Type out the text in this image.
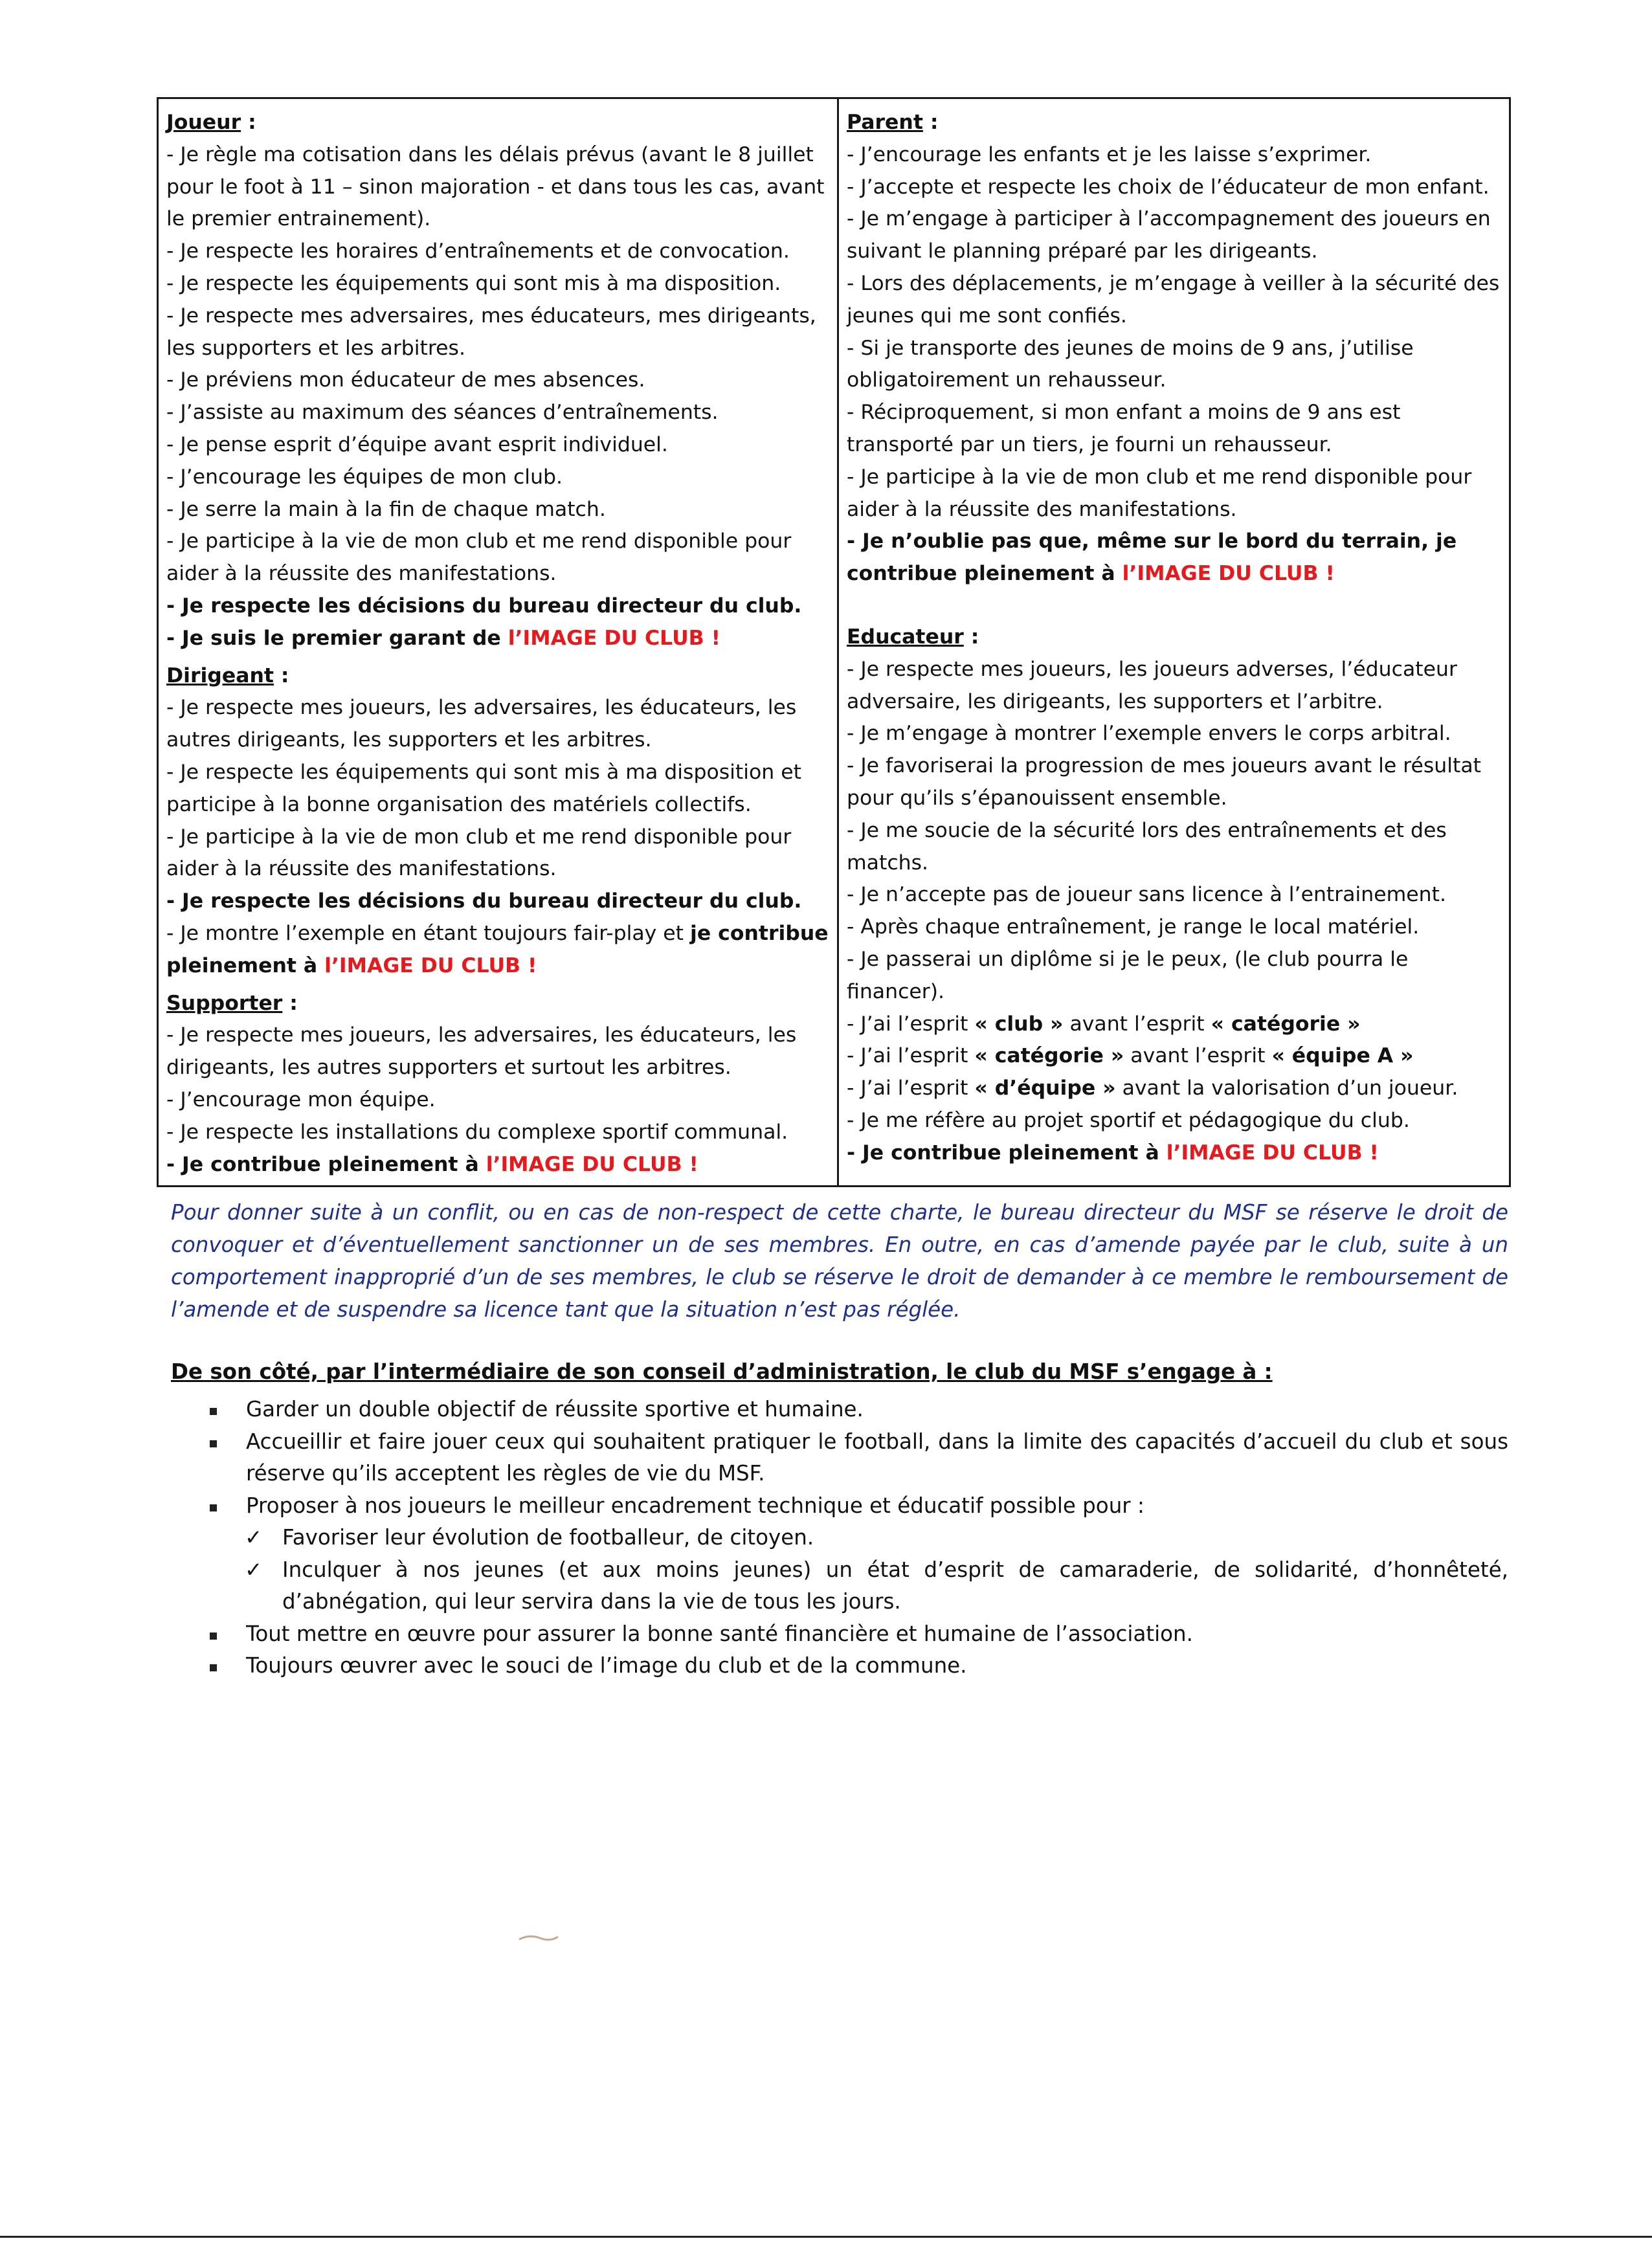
Joueur :
- Je règle ma cotisation dans les délais prévus (avant le 8 juillet pour le foot à 11 – sinon majoration - et dans tous les cas, avant le premier entrainement).
- Je respecte les horaires d’entraînements et de convocation.
- Je respecte les équipements qui sont mis à ma disposition.
- Je respecte mes adversaires, mes éducateurs, mes dirigeants, les supporters et les arbitres.
- Je préviens mon éducateur de mes absences.
- J’assiste au maximum des séances d’entraînements.
- Je pense esprit d’équipe avant esprit individuel.
- J’encourage les équipes de mon club.
- Je serre la main à la fin de chaque match.
- Je participe à la vie de mon club et me rend disponible pour aider à la réussite des manifestations.
- Je respecte les décisions du bureau directeur du club.
- Je suis le premier garant de l’IMAGE DU CLUB !
Dirigeant :
- Je respecte mes joueurs, les adversaires, les éducateurs, les autres dirigeants, les supporters et les arbitres.
- Je respecte les équipements qui sont mis à ma disposition et participe à la bonne organisation des matériels collectifs.
- Je participe à la vie de mon club et me rend disponible pour aider à la réussite des manifestations.
- Je respecte les décisions du bureau directeur du club.
- Je montre l’exemple en étant toujours fair-play et je contribue pleinement à l’IMAGE DU CLUB !
Supporter :
- Je respecte mes joueurs, les adversaires, les éducateurs, les dirigeants, les autres supporters et surtout les arbitres.
- J’encourage mon équipe.
- Je respecte les installations du complexe sportif communal.
- Je contribue pleinement à l’IMAGE DU CLUB !
Parent :
- J’encourage les enfants et je les laisse s’exprimer.
- J’accepte et respecte les choix de l’éducateur de mon enfant.
- Je m’engage à participer à l’accompagnement des joueurs en suivant le planning préparé par les dirigeants.
- Lors des déplacements, je m’engage à veiller à la sécurité des jeunes qui me sont confiés.
- Si je transporte des jeunes de moins de 9 ans, j’utilise obligatoirement un rehausseur.
- Réciproquement, si mon enfant a moins de 9 ans est transporté par un tiers, je fourni un rehausseur.
- Je participe à la vie de mon club et me rend disponible pour aider à la réussite des manifestations.
- Je n’oublie pas que, même sur le bord du terrain, je contribue pleinement à l’IMAGE DU CLUB !
Educateur :
- Je respecte mes joueurs, les joueurs adverses, l’éducateur adversaire, les dirigeants, les supporters et l’arbitre.
- Je m’engage à montrer l’exemple envers le corps arbitral.
- Je favoriserai la progression de mes joueurs avant le résultat pour qu’ils s’épanouissent ensemble.
- Je me soucie de la sécurité lors des entraînements et des matchs.
- Je n’accepte pas de joueur sans licence à l’entrainement.
- Après chaque entraînement, je range le local matériel.
- Je passerai un diplôme si je le peux, (le club pourra le financer).
- J’ai l’esprit « club » avant l’esprit « catégorie »
- J’ai l’esprit « catégorie » avant l’esprit « équipe A »
- J’ai l’esprit « d’équipe » avant la valorisation d’un joueur.
- Je me réfère au projet sportif et pédagogique du club.
- Je contribue pleinement à l’IMAGE DU CLUB !
Pour donner suite à un conflit, ou en cas de non-respect de cette charte, le bureau directeur du MSF se réserve le droit de convoquer et d’éventuellement sanctionner un de ses membres. En outre, en cas d’amende payée par le club, suite à un comportement inapproprié d’un de ses membres, le club se réserve le droit de demander à ce membre le remboursement de l’amende et de suspendre sa licence tant que la situation n’est pas réglée.
De son côté, par l’intermédiaire de son conseil d’administration, le club du MSF s’engage à :
Garder un double objectif de réussite sportive et humaine.
Accueillir et faire jouer ceux qui souhaitent pratiquer le football, dans la limite des capacités d’accueil du club et sous réserve qu’ils acceptent les règles de vie du MSF.
Proposer à nos joueurs le meilleur encadrement technique et éducatif possible pour :
✓ Favoriser leur évolution de footballeur, de citoyen.
✓ Inculquer à nos jeunes (et aux moins jeunes) un état d’esprit de camaraderie, de solidarité, d’honnêteté, d’abnégation, qui leur servira dans la vie de tous les jours.
Tout mettre en œuvre pour assurer la bonne santé financière et humaine de l’association.
Toujours œuvrer avec le souci de l’image du club et de la commune.
